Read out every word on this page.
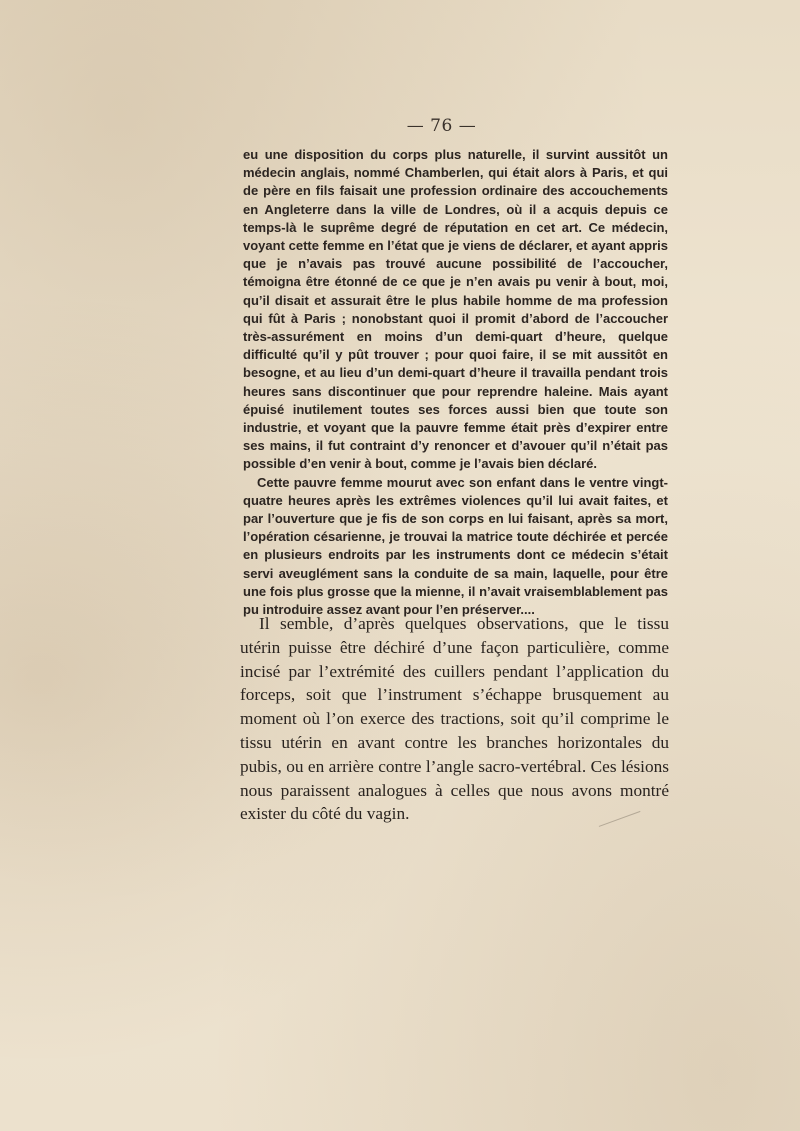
— 76 —

eu une disposition du corps plus naturelle, il survint aussitôt un médecin anglais, nommé Chamberlen, qui était alors à Paris, et qui de père en fils faisait une profession ordinaire des accouchements en Angleterre dans la ville de Londres, où il a acquis depuis ce temps-là le suprême degré de réputation en cet art. Ce médecin, voyant cette femme en l’état que je viens de déclarer, et ayant appris que je n’avais pas trouvé aucune possibilité de l’accoucher, témoigna être étonné de ce que je n’en avais pu venir à bout, moi, qu’il disait et assurait être le plus habile homme de ma profession qui fût à Paris ; nonobstant quoi il promit d’abord de l’accoucher très-assurément en moins d’un demi-quart d’heure, quelque difficulté qu’il y pût trouver ; pour quoi faire, il se mit aussitôt en besogne, et au lieu d’un demi-quart d’heure il travailla pendant trois heures sans discontinuer que pour reprendre haleine. Mais ayant épuisé inutilement toutes ses forces aussi bien que toute son industrie, et voyant que la pauvre femme était près d’expirer entre ses mains, il fut contraint d’y renoncer et d’avouer qu’il n’était pas possible d’en venir à bout, comme je l’avais bien déclaré.

Cette pauvre femme mourut avec son enfant dans le ventre vingt-quatre heures après les extrêmes violences qu’il lui avait faites, et par l’ouverture que je fis de son corps en lui faisant, après sa mort, l’opération césarienne, je trouvai la matrice toute déchirée et percée en plusieurs endroits par les instruments dont ce médecin s’était servi aveuglément sans la conduite de sa main, laquelle, pour être une fois plus grosse que la mienne, il n’avait vraisemblablement pas pu introduire assez avant pour l’en préserver....

Il semble, d’après quelques observations, que le tissu utérin puisse être déchiré d’une façon particulière, comme incisé par l’extrémité des cuillers pendant l’application du forceps, soit que l’instrument s’échappe brusquement au moment où l’on exerce des tractions, soit qu’il comprime le tissu utérin en avant contre les branches horizontales du pubis, ou en arrière contre l’angle sacro-vertébral. Ces lésions nous paraissent analogues à celles que nous avons montré exister du côté du vagin.
